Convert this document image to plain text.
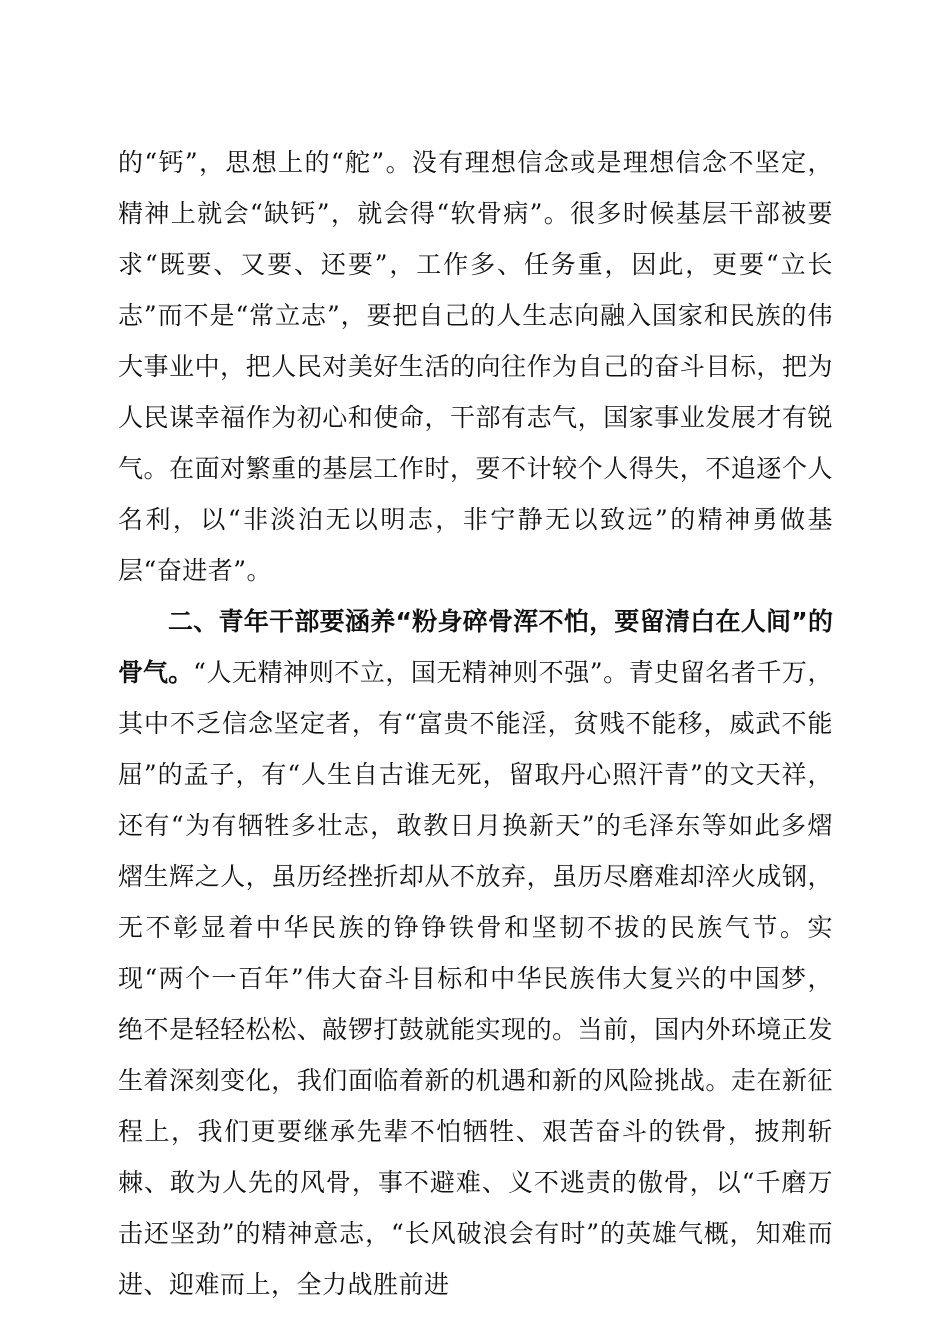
的“钙”，思想上的“舵”。没有理想信念或是理想信念不坚定，精神上就会“缺钙”，就会得“软骨病”。很多时候基层干部被要求“既要、又要、还要”，工作多、任务重，因此，更要“立长志”而不是“常立志”，要把自己的人生志向融入国家和民族的伟大事业中，把人民对美好生活的向往作为自己的奋斗目标，把为人民谋幸福作为初心和使命，干部有志气，国家事业发展才有锐气。在面对繁重的基层工作时，要不计较个人得失，不追逐个人名利，以“非淡泊无以明志，非宁静无以致远”的精神勇做基层“奋进者”。

二、青年干部要涵养“粉身碎骨浑不怕，要留清白在人间”的骨气。“人无精神则不立，国无精神则不强”。青史留名者千万，其中不乏信念坚定者，有“富贵不能淫，贫贱不能移，威武不能屈”的孟子，有“人生自古谁无死，留取丹心照汗青”的文天祥，还有“为有牺牲多壮志，敢教日月换新天”的毛泽东等如此多熠熠生辉之人，虽历经挫折却从不放弃，虽历尽磨难却淬火成钢，无不彰显着中华民族的铮铮铁骨和坚韧不拔的民族气节。实现“两个一百年”伟大奋斗目标和中华民族伟大复兴的中国梦，绝不是轻轻松松、敲锣打鼓就能实现的。当前，国内外环境正发生着深刻变化，我们面临着新的机遇和新的风险挑战。走在新征程上，我们更要继承先辈不怕牺牲、艰苦奋斗的铁骨，披荆斩棘、敢为人先的风骨，事不避难、义不逃责的傲骨，以“千磨万击还坚劲”的精神意志，“长风破浪会有时”的英雄气概，知难而进、迎难而上，全力战胜前进
